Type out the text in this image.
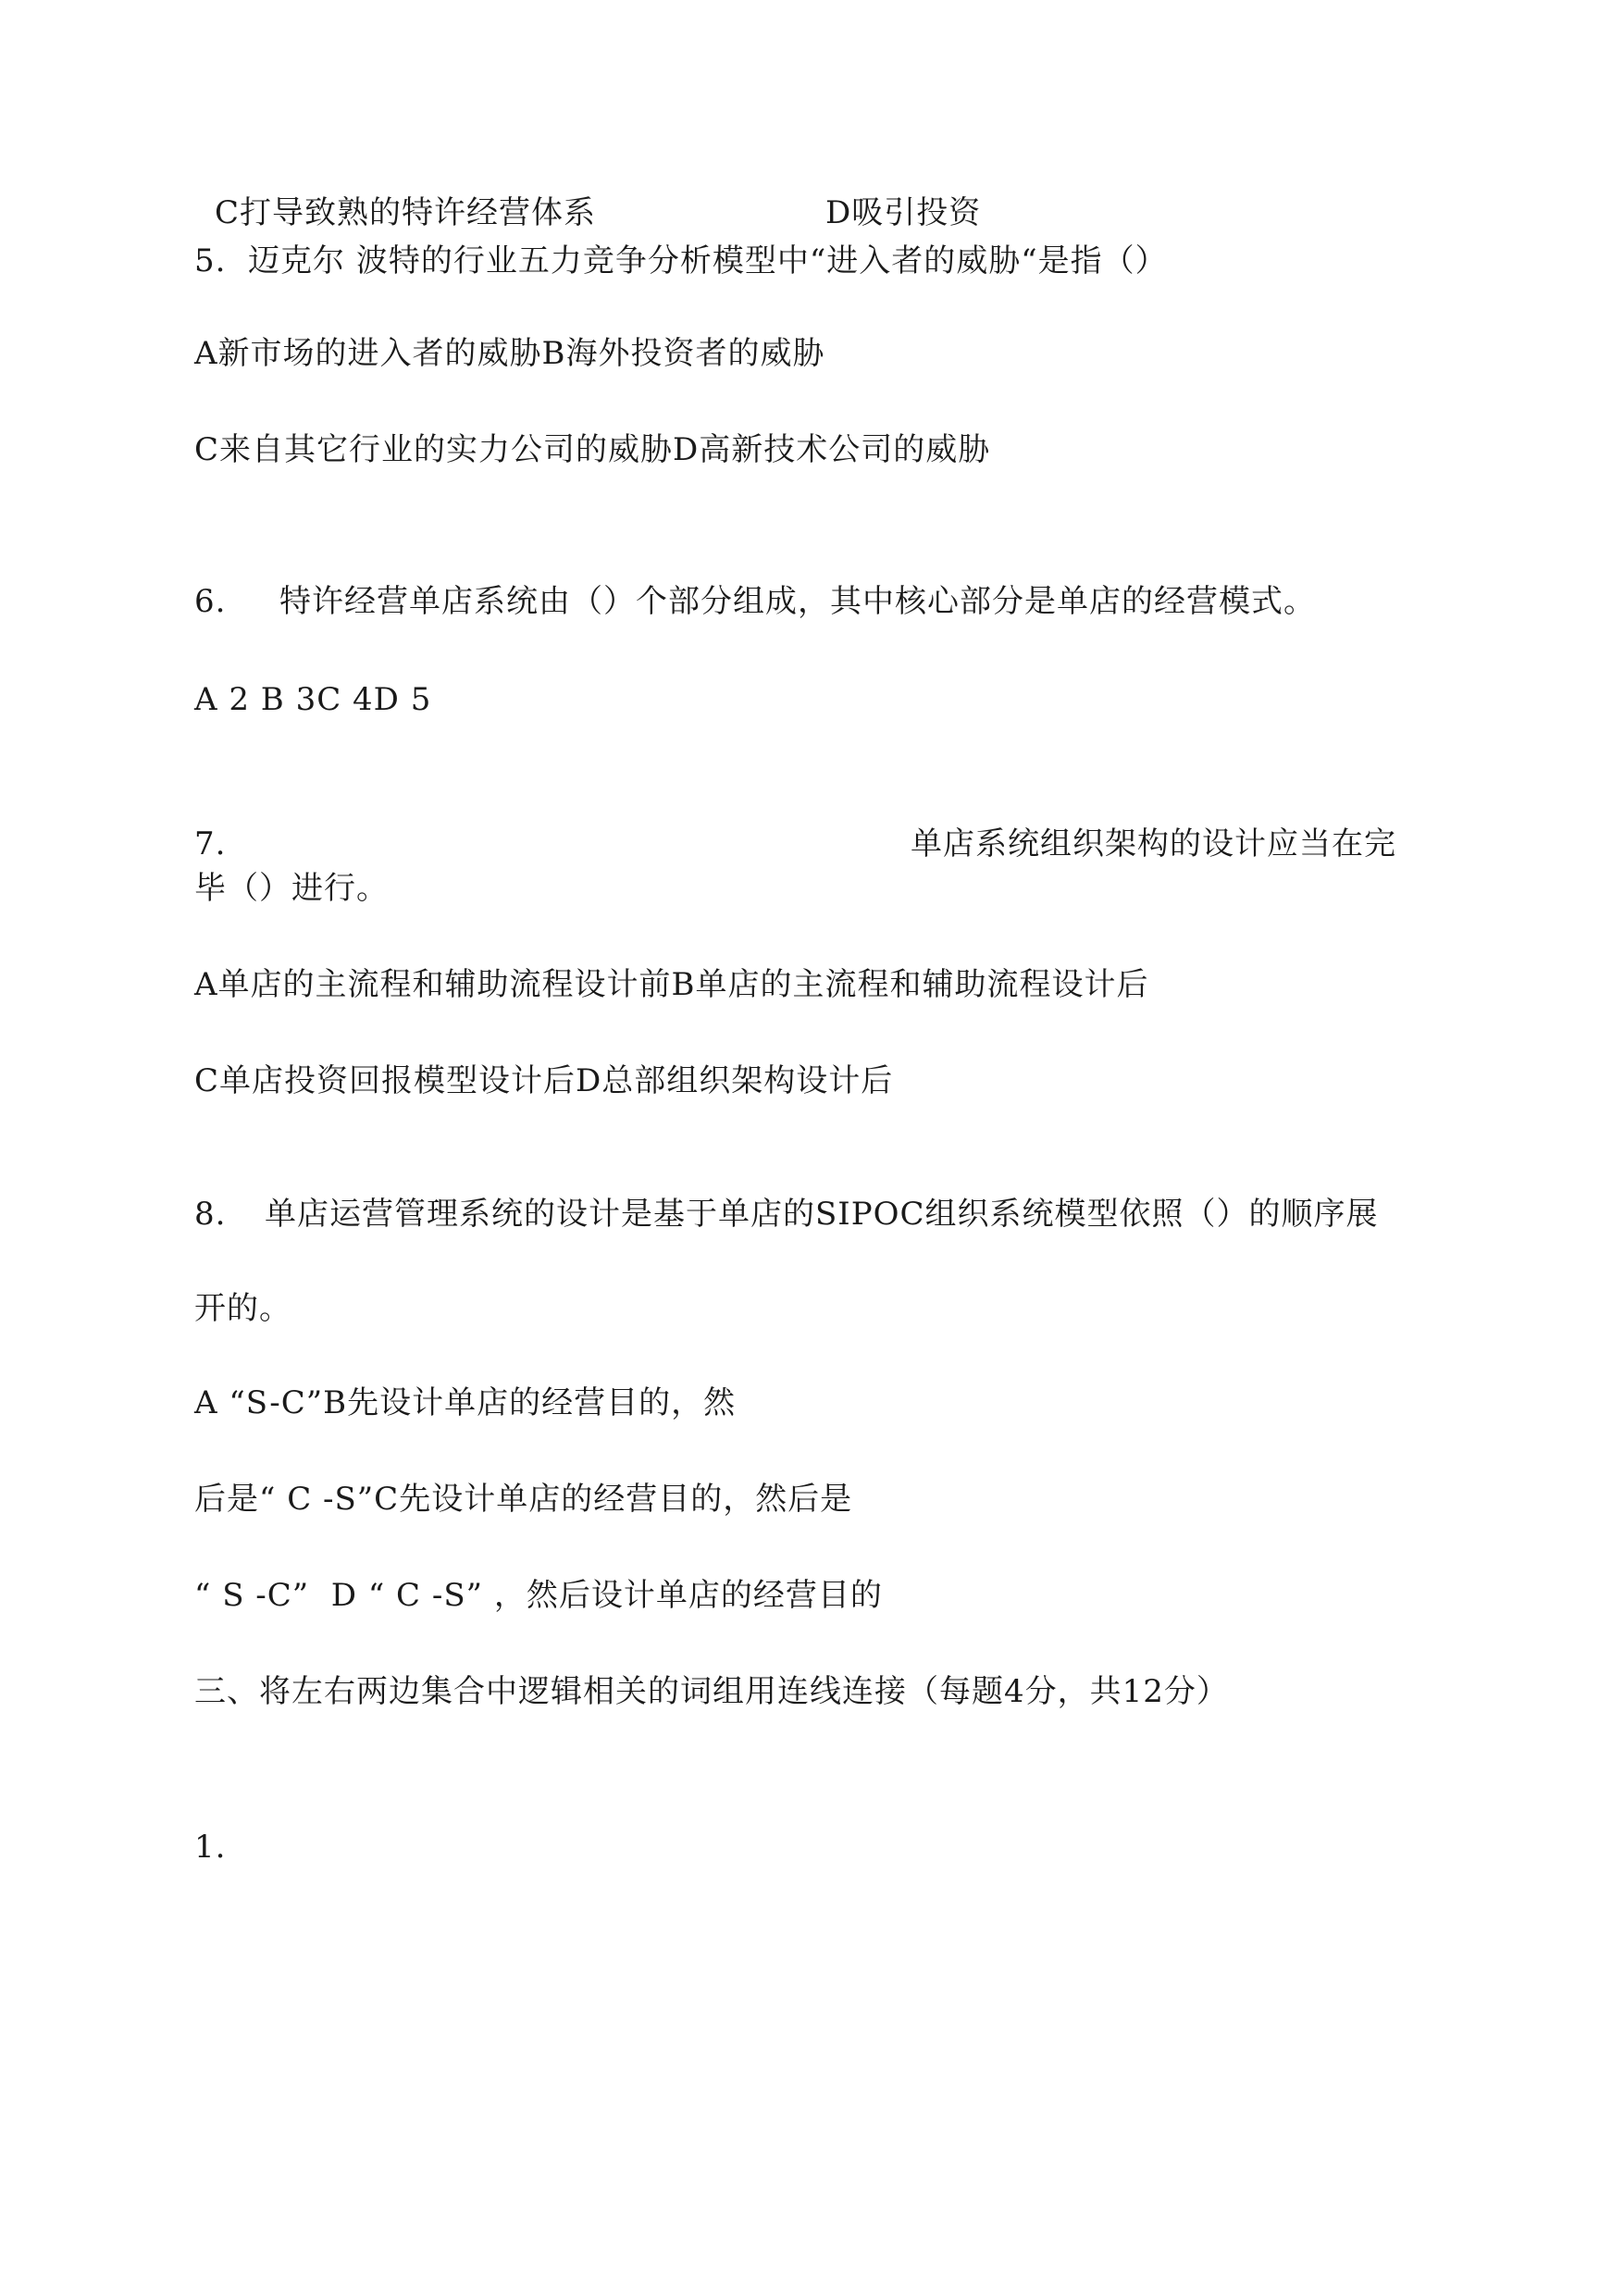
C打导致熟的特许经营体系	D吸引投资
5.  迈克尔 波特的行业五力竞争分析模型中“进入者的威胁“是指（）
A新市场的进入者的威胁B海外投资者的威胁
C来自其它行业的实力公司的威胁D高新技术公司的威胁
6. 特许经营单店系统由（）个部分组成，其中核心部分是单店的经营模式。
A 2 B 3C 4D 5
7.	单店系统组织架构的设计应当在完
毕（）进行。
A单店的主流程和辅助流程设计前B单店的主流程和辅助流程设计后
C单店投资回报模型设计后D总部组织架构设计后
8. 单店运营管理系统的设计是基于单店的SIPOC组织系统模型依照（）的顺序展
开的。
A “S-C”B先设计单店的经营目的，然
后是“ C -S”C先设计单店的经营目的，然后是
“ S -C”  D “ C -S” ，然后设计单店的经营目的
三、将左右两边集合中逻辑相关的词组用连线连接（每题4分，共12分）
1.
